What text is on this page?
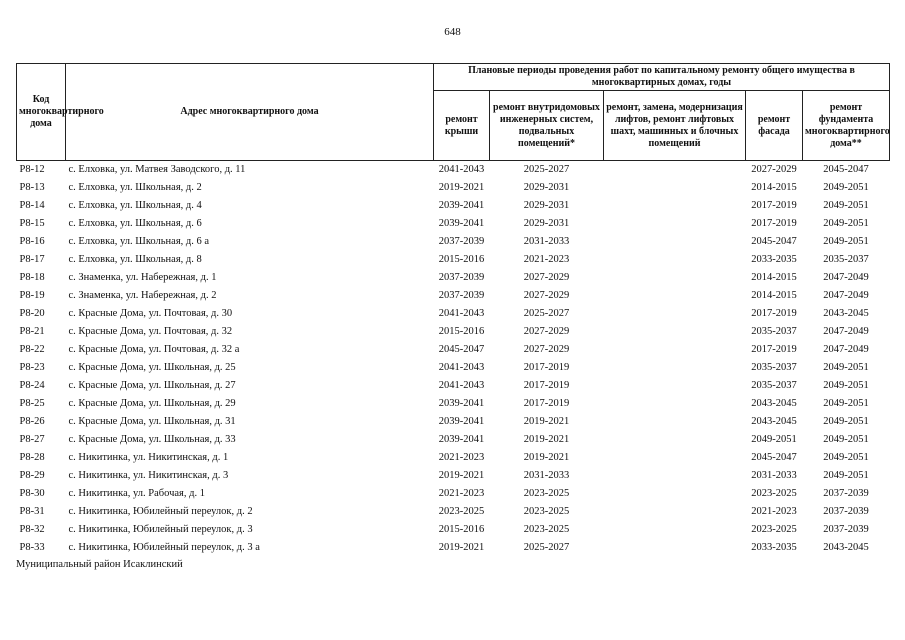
648
Код многоквартирного дома	Адрес многоквартирного дома	Плановые периоды проведения работ по капитальному ремонту общего имущества в многоквартирных домах, годы				
		ремонт крыши	ремонт внутридомовых инженерных систем, подвальных помещений*	ремонт, замена, модернизация лифтов, ремонт лифтовых шахт, машинных и блочных помещений	ремонт фасада	ремонт фундамента многоквартирного дома**
Р8-12	с. Елховка, ул. Матвея Заводского, д. 11	2041-2043	2025-2027		2027-2029	2045-2047
Р8-13	с. Елховка, ул. Школьная, д. 2	2019-2021	2029-2031		2014-2015	2049-2051
Р8-14	с. Елховка, ул. Школьная, д. 4	2039-2041	2029-2031		2017-2019	2049-2051
Р8-15	с. Елховка, ул. Школьная, д. 6	2039-2041	2029-2031		2017-2019	2049-2051
Р8-16	с. Елховка, ул. Школьная, д. 6 а	2037-2039	2031-2033		2045-2047	2049-2051
Р8-17	с. Елховка, ул. Школьная, д. 8	2015-2016	2021-2023		2033-2035	2035-2037
Р8-18	с. Знаменка, ул. Набережная, д. 1	2037-2039	2027-2029		2014-2015	2047-2049
Р8-19	с. Знаменка, ул. Набережная, д. 2	2037-2039	2027-2029		2014-2015	2047-2049
Р8-20	с. Красные Дома, ул. Почтовая, д. 30	2041-2043	2025-2027		2017-2019	2043-2045
Р8-21	с. Красные Дома, ул. Почтовая, д. 32	2015-2016	2027-2029		2035-2037	2047-2049
Р8-22	с. Красные Дома, ул. Почтовая, д. 32 а	2045-2047	2027-2029		2017-2019	2047-2049
Р8-23	с. Красные Дома, ул. Школьная, д. 25	2041-2043	2017-2019		2035-2037	2049-2051
Р8-24	с. Красные Дома, ул. Школьная, д. 27	2041-2043	2017-2019		2035-2037	2049-2051
Р8-25	с. Красные Дома, ул. Школьная, д. 29	2039-2041	2017-2019		2043-2045	2049-2051
Р8-26	с. Красные Дома, ул. Школьная, д. 31	2039-2041	2019-2021		2043-2045	2049-2051
Р8-27	с. Красные Дома, ул. Школьная, д. 33	2039-2041	2019-2021		2049-2051	2049-2051
Р8-28	с. Никитинка, ул. Никитинская, д. 1	2021-2023	2019-2021		2045-2047	2049-2051
Р8-29	с. Никитинка, ул. Никитинская, д. 3	2019-2021	2031-2033		2031-2033	2049-2051
Р8-30	с. Никитинка, ул. Рабочая, д. 1	2021-2023	2023-2025		2023-2025	2037-2039
Р8-31	с. Никитинка, Юбилейный переулок, д. 2	2023-2025	2023-2025		2021-2023	2037-2039
Р8-32	с. Никитинка, Юбилейный переулок, д. 3	2015-2016	2023-2025		2023-2025	2037-2039
Р8-33	с. Никитинка, Юбилейный переулок, д. 3 а	2019-2021	2025-2027		2033-2035	2043-2045
Муниципальный район Исаклинский
